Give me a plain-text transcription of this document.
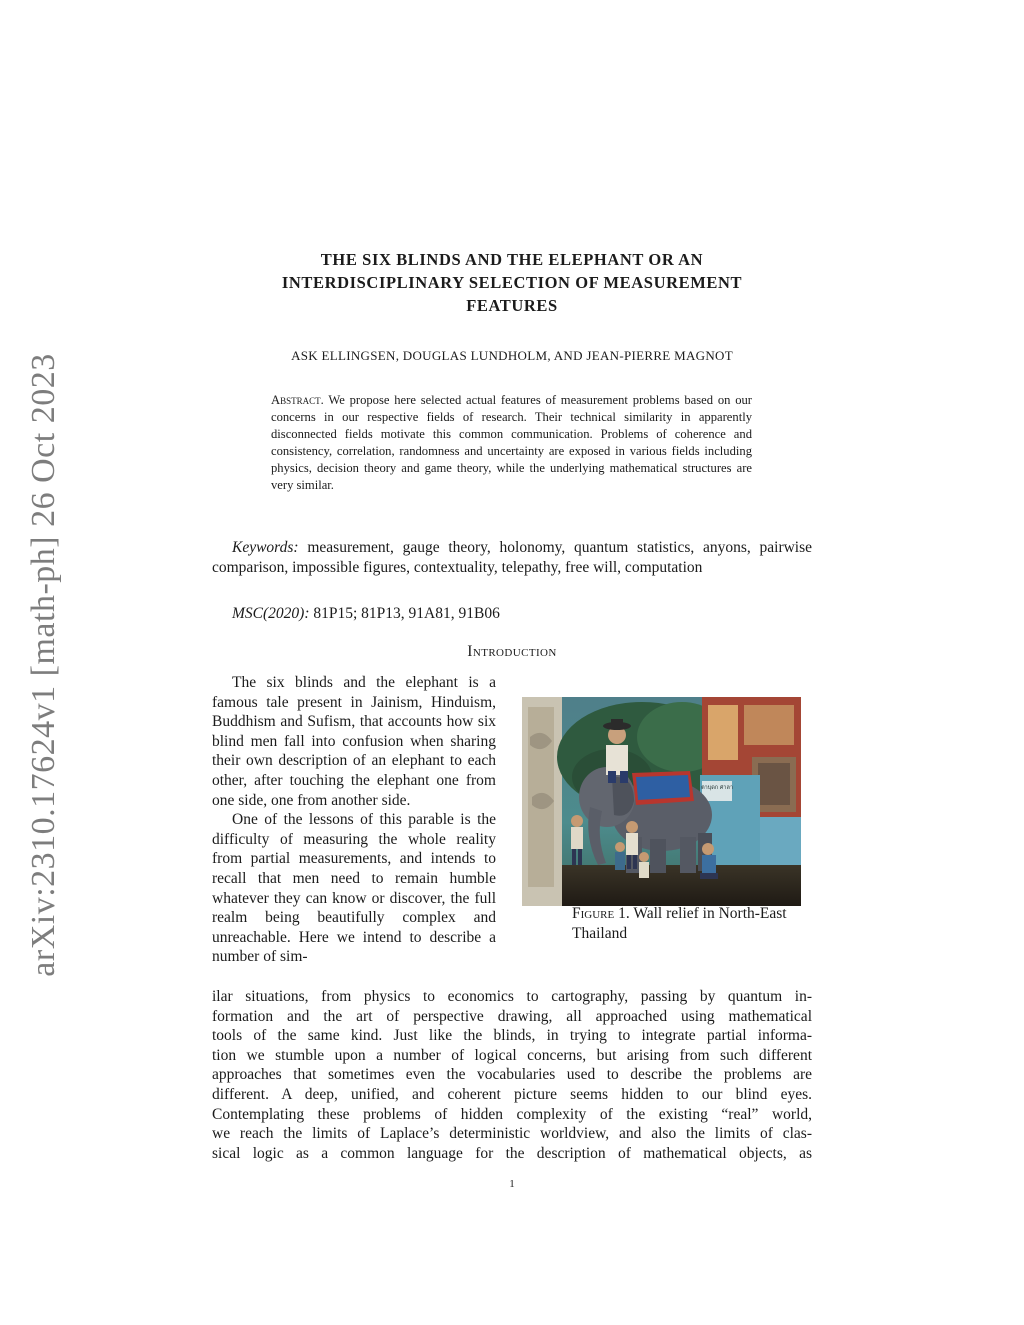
arXiv:2310.17624v1 [math-ph] 26 Oct 2023
THE SIX BLINDS AND THE ELEPHANT OR AN
INTERDISCIPLINARY SELECTION OF MEASUREMENT
FEATURES
ASK ELLINGSEN, DOUGLAS LUNDHOLM, AND JEAN-PIERRE MAGNOT
Abstract. We propose here selected actual features of measurement problems based on our concerns in our respective fields of research. Their technical similarity in apparently disconnected fields motivate this common communication. Problems of coherence and consistency, correlation, randomness and uncertainty are exposed in various fields including physics, decision theory and game theory, while the underlying mathematical structures are very similar.
Keywords: measurement, gauge theory, holonomy, quantum statistics, anyons, pairwise comparison, impossible figures, contextuality, telepathy, free will, computation
MSC(2020): 81P15; 81P13, 91A81, 91B06
Introduction

The six blinds and the elephant is a famous tale present in Jainism, Hinduism, Buddhism and Sufism, that accounts how six blind men fall into confusion when sharing their own description of an elephant to each other, after touching the elephant one from one side, one from another side.

One of the lessons of this parable is the difficulty of measuring the whole reality from partial measurements, and intends to recall that men need to remain humble whatever they can know or discover, the full realm being beautifully complex and unreachable. Here we intend to describe a number of sim-

ตาบุดก ศาลา
Figure 1. Wall relief in North-East Thailand
ilar situations, from physics to economics to cartography, passing by quantum in-
formation and the art of perspective drawing, all approached using mathematical
tools of the same kind. Just like the blinds, in trying to integrate partial informa-
tion we stumble upon a number of logical concerns, but arising from such different
approaches that sometimes even the vocabularies used to describe the problems are
different. A deep, unified, and coherent picture seems hidden to our blind eyes.
Contemplating these problems of hidden complexity of the existing “real” world,
we reach the limits of Laplace’s deterministic worldview, and also the limits of clas-
sical logic as a common language for the description of mathematical objects, as
1
